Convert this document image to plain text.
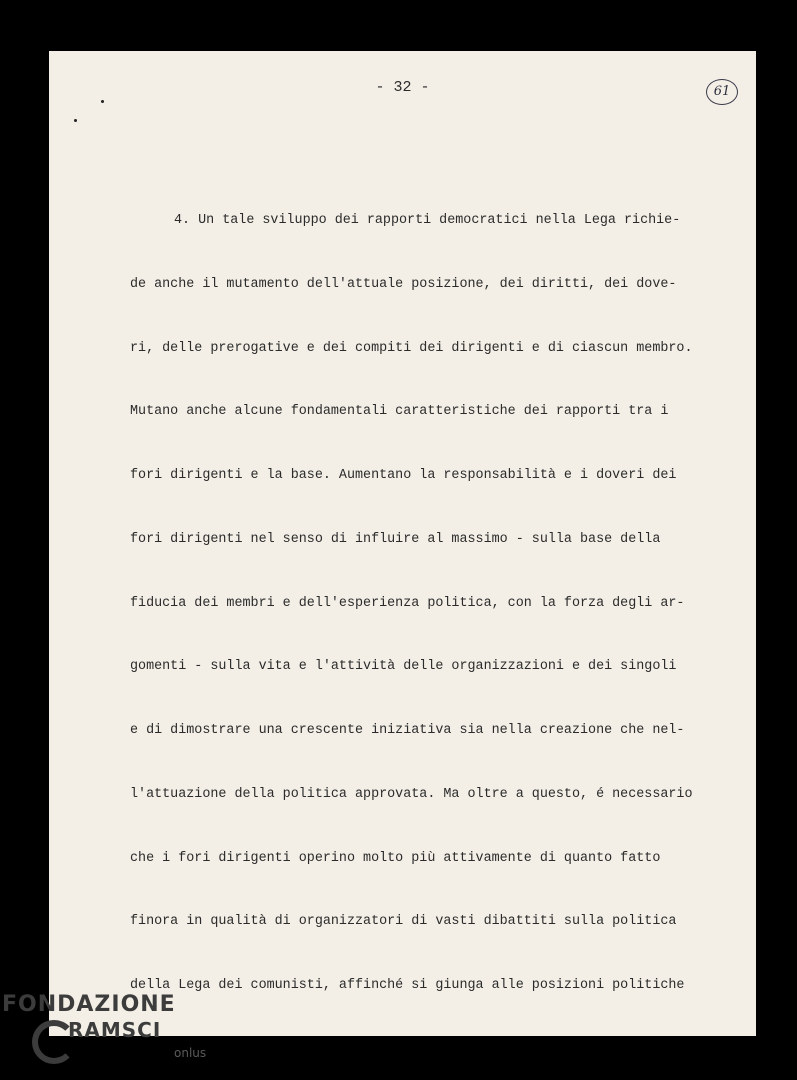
- 32 -	61

4. Un tale sviluppo dei rapporti democratici nella Lega richie-

de anche il mutamento dell'attuale posizione, dei diritti, dei dove-

ri, delle prerogative e dei compiti dei dirigenti e di ciascun membro.

Mutano anche alcune fondamentali caratteristiche dei rapporti tra i

fori dirigenti e la base. Aumentano la responsabilità e i doveri dei

fori dirigenti nel senso di influire al massimo - sulla base della

fiducia dei membri e dell'esperienza politica, con la forza degli ar-

gomenti - sulla vita e l'attività delle organizzazioni e dei singoli

e di dimostrare una crescente iniziativa sia nella creazione che nel-

l'attuazione della politica approvata. Ma oltre a questo, é necessario

che i fori dirigenti operino molto più attivamente di quanto fatto

finora in qualità di organizzatori di vasti dibattiti sulla politica

della Lega dei comunisti, affinché si giunga alle posizioni politiche

FONDAZIONE
RAMSCI
onlus
